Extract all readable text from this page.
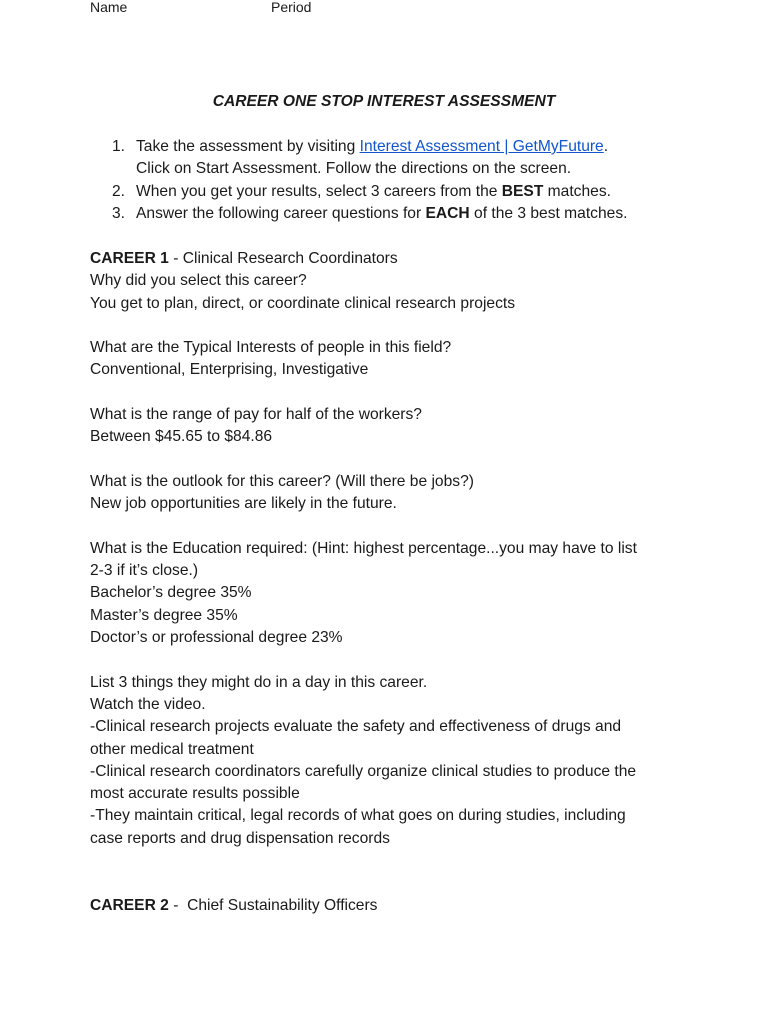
Name	Period
CAREER ONE STOP INTEREST ASSESSMENT
1. Take the assessment by visiting Interest Assessment | GetMyFuture.
Click on Start Assessment. Follow the directions on the screen.
2. When you get your results, select 3 careers from the BEST matches.
3. Answer the following career questions for EACH of the 3 best matches.
CAREER 1 - Clinical Research Coordinators
Why did you select this career?
You get to plan, direct, or coordinate clinical research projects
What are the Typical Interests of people in this field?
Conventional, Enterprising, Investigative
What is the range of pay for half of the workers?
Between $45.65 to $84.86
What is the outlook for this career? (Will there be jobs?)
New job opportunities are likely in the future.
What is the Education required: (Hint: highest percentage...you may have to list
2-3 if it’s close.)
Bachelor’s degree 35%
Master’s degree 35%
Doctor’s or professional degree 23%
List 3 things they might do in a day in this career.
Watch the video.
-Clinical research projects evaluate the safety and effectiveness of drugs and
other medical treatment
-Clinical research coordinators carefully organize clinical studies to produce the
most accurate results possible
-They maintain critical, legal records of what goes on during studies, including
case reports and drug dispensation records
CAREER 2 -  Chief Sustainability Officers
